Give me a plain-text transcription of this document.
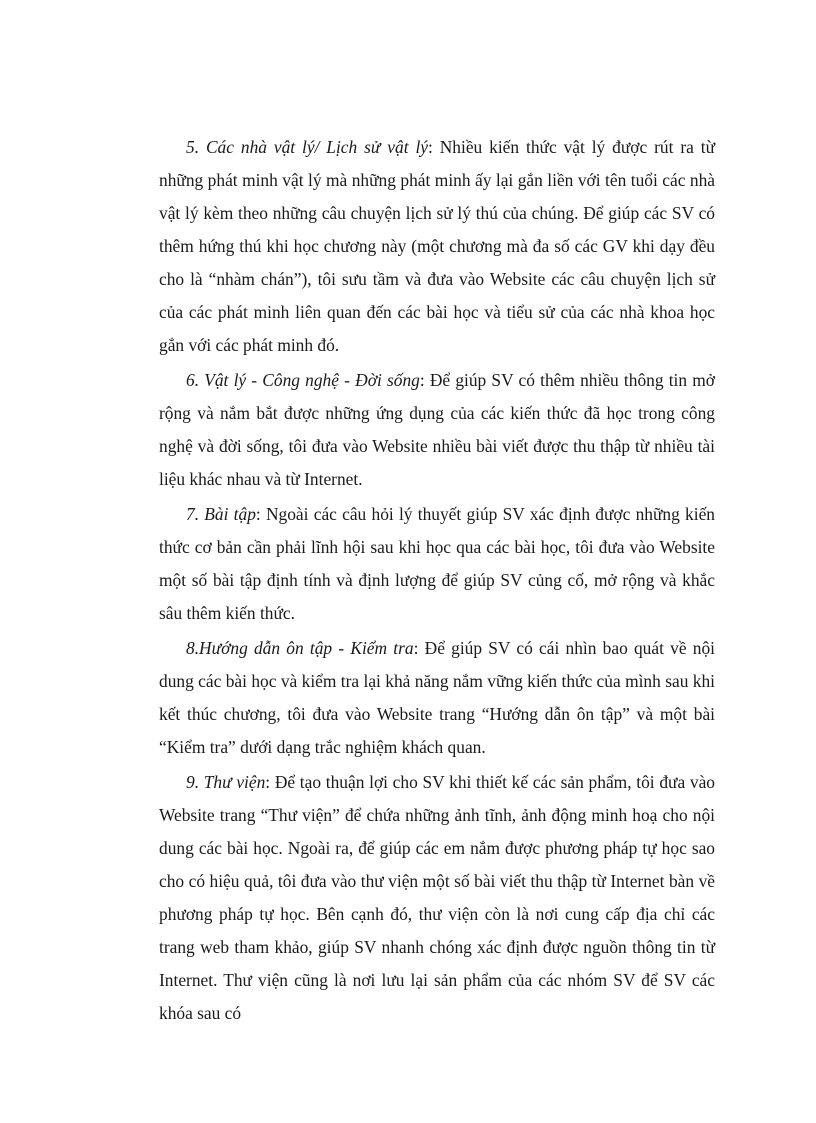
5. Các nhà vật lý/ Lịch sử vật lý: Nhiều kiến thức vật lý được rút ra từ những phát minh vật lý mà những phát minh ấy lại gắn liền với tên tuổi các nhà vật lý kèm theo những câu chuyện lịch sử lý thú của chúng. Để giúp các SV có thêm hứng thú khi học chương này (một chương mà đa số các GV khi dạy đều cho là “nhàm chán”), tôi sưu tầm và đưa vào Website các câu chuyện lịch sử của các phát minh liên quan đến các bài học và tiểu sử của các nhà khoa học gắn với các phát minh đó.

6. Vật lý - Công nghệ - Đời sống: Để giúp SV có thêm nhiều thông tin mở rộng và nắm bắt được những ứng dụng của các kiến thức đã học trong công nghệ và đời sống, tôi đưa vào Website nhiều bài viết được thu thập từ nhiều tài liệu khác nhau và từ Internet.

7. Bài tập: Ngoài các câu hỏi lý thuyết giúp SV xác định được những kiến thức cơ bản cần phải lĩnh hội sau khi học qua các bài học, tôi đưa vào Website một số bài tập định tính và định lượng để giúp SV củng cố, mở rộng và khắc sâu thêm kiến thức.

8.Hướng dẫn ôn tập - Kiểm tra: Để giúp SV có cái nhìn bao quát về nội dung các bài học và kiểm tra lại khả năng nắm vững kiến thức của mình sau khi kết thúc chương, tôi đưa vào Website trang “Hướng dẫn ôn tập” và một bài “Kiểm tra” dưới dạng trắc nghiệm khách quan.

9. Thư viện: Để tạo thuận lợi cho SV khi thiết kế các sản phẩm, tôi đưa vào Website trang “Thư viện” để chứa những ảnh tĩnh, ảnh động minh hoạ cho nội dung các bài học. Ngoài ra, để giúp các em nắm được phương pháp tự học sao cho có hiệu quả, tôi đưa vào thư viện một số bài viết thu thập từ Internet bàn về phương pháp tự học. Bên cạnh đó, thư viện còn là nơi cung cấp địa chỉ các trang web tham khảo, giúp SV nhanh chóng xác định được nguồn thông tin từ Internet. Thư viện cũng là nơi lưu lại sản phẩm của các nhóm SV để SV các khóa sau có
